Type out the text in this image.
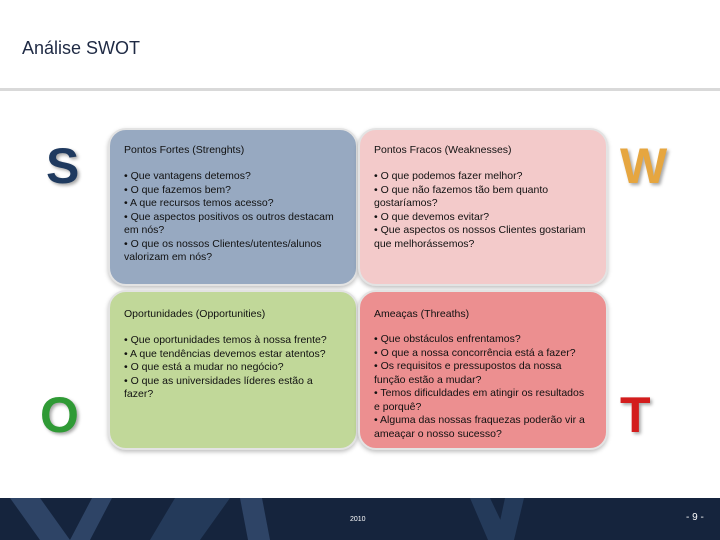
Análise SWOT
S	W
O	T
Pontos Fortes (Strenghts)
• Que vantagens detemos?
• O que fazemos bem?
• A que recursos temos acesso?
• Que aspectos positivos os outros destacam em nós?
• O que os nossos Clientes/utentes/alunos valorizam em nós?
Pontos Fracos (Weaknesses)
• O que podemos fazer melhor?
• O que não fazemos tão bem quanto gostaríamos?
• O que devemos evitar?
• Que aspectos os nossos Clientes gostariam que melhorássemos?
Oportunidades (Opportunities)
• Que oportunidades temos à nossa frente?
• A que tendências devemos estar atentos?
• O que está a mudar no negócio?
• O que as universidades líderes estão a fazer?
Ameaças (Threaths)
• Que obstáculos enfrentamos?
• O que a nossa concorrência está a fazer?
• Os requisitos e pressupostos da nossa função estão a mudar?
• Temos dificuldades em atingir os resultados e porquê?
• Alguma das nossas fraquezas poderão vir a ameaçar o nosso sucesso?
2010	- 9 -
